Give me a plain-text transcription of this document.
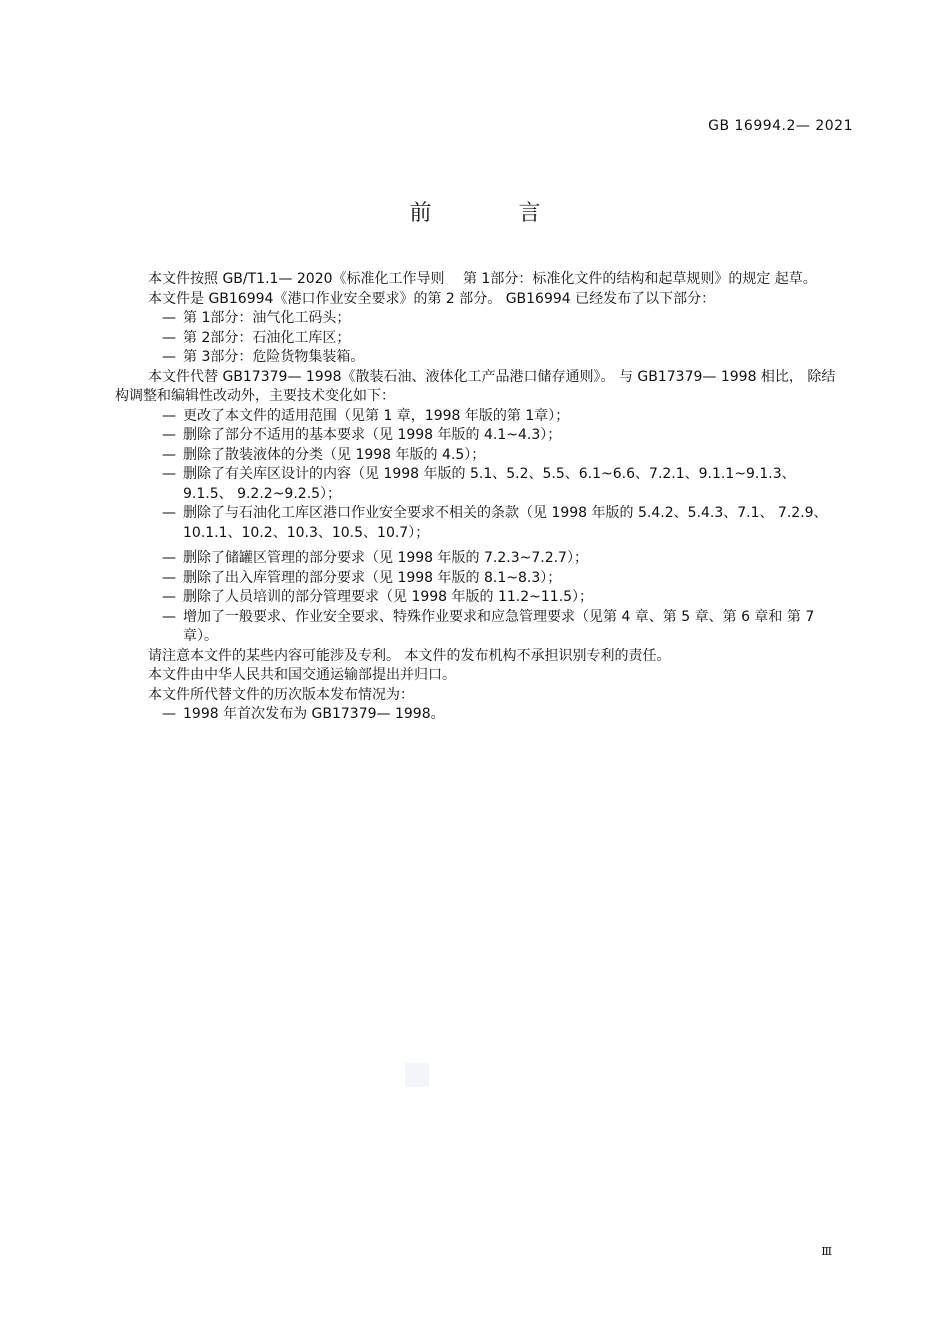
GB 16994.2— 2021
前 言

本文件按照 GB/T1.1— 2020《标准化工作导则　 第 1部分：标准化文件的结构和起草规则》的规定 起草。

本文件是 GB16994《港口作业安全要求》的第 2 部分。 GB16994 已经发布了以下部分：

— 第 1部分：油气化工码头；

— 第 2部分：石油化工库区；

— 第 3部分：危险货物集装箱。

本文件代替 GB17379— 1998《散装石油、液体化工产品港口储存通则》。 与 GB17379— 1998 相比， 除结构调整和编辑性改动外，主要技术变化如下：

— 更改了本文件的适用范围（见第 1 章，1998 年版的第 1章）；

— 删除了部分不适用的基本要求（见 1998 年版的 4.1~4.3）；

— 删除了散装液体的分类（见 1998 年版的 4.5）；

— 删除了有关库区设计的内容（见 1998 年版的 5.1、5.2、5.5、6.1~6.6、7.2.1、9.1.1~9.1.3、9.1.5、 9.2.2~9.2.5）；

— 删除了与石油化工库区港口作业安全要求不相关的条款（见 1998 年版的 5.4.2、5.4.3、7.1、 7.2.9、10.1.1、10.2、10.3、10.5、10.7）；

— 删除了储罐区管理的部分要求（见 1998 年版的 7.2.3~7.2.7）；

— 删除了出入库管理的部分要求（见 1998 年版的 8.1~8.3）；

— 删除了人员培训的部分管理要求（见 1998 年版的 11.2~11.5）；

— 增加了一般要求、作业安全要求、特殊作业要求和应急管理要求（见第 4 章、第 5 章、第 6 章和 第 7 章）。

请注意本文件的某些内容可能涉及专利。 本文件的发布机构不承担识别专利的责任。

本文件由中华人民共和国交通运输部提出并归口。

本文件所代替文件的历次版本发布情况为：

— 1998 年首次发布为 GB17379— 1998。

Ⅲ
